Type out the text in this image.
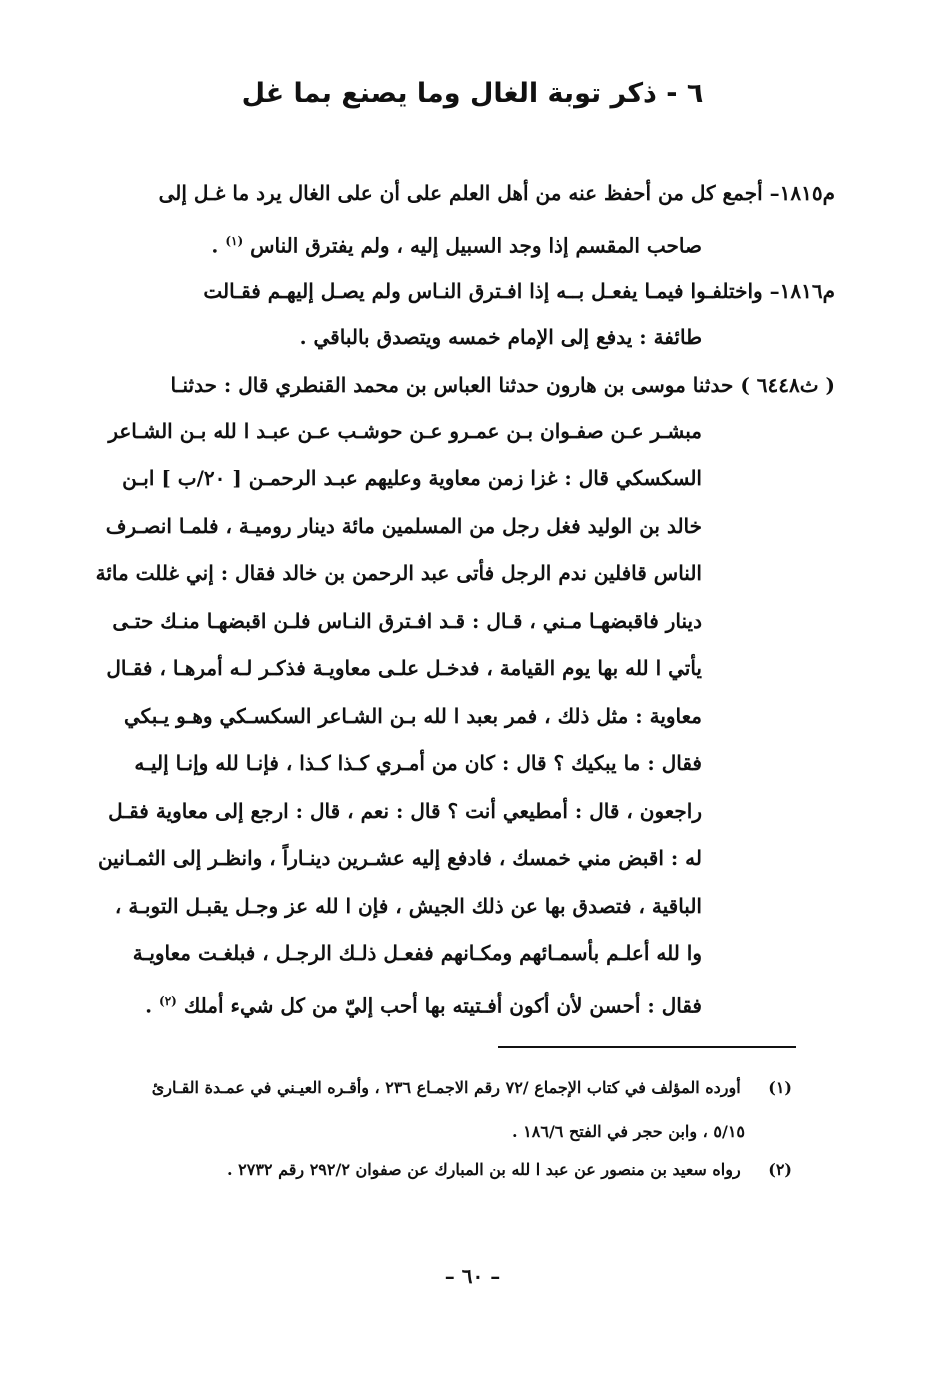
٦ - ذكر توبة الغال وما يصنع بما غل
م١٨١٥– أجمع كل من أحفظ عنه من أهل العلم على أن على الغال يرد ما غـل إلى
صاحب المقسم إذا وجد السبيل إليه ، ولم يفترق الناس $^{(١)}$ .
م١٨١٦– واختلفـوا فيمـا يفعـل بــه إذا افـترق النـاس ولم يصـل إليهـم فقـالت
طائفة : يدفع إلى الإمام خمسه ويتصدق بالباقي .
( ث٦٤٤٨ ) حدثنا موسى بن هارون حدثنا العباس بن محمد القنطري قال : حدثنـا
مبشـر عـن صفـوان بـن عمـرو عـن حوشـب عـن عبـد ا لله بـن الشـاعر
السكسكي قال : غزا زمن معاوية وعليهم عبـد الرحمـن [ ٢٠/ب ] ابـن
خالد بن الوليد فغل رجل من المسلمين مائة دينار روميـة ، فلمـا انصـرف
الناس قافلين ندم الرجل فأتى عبد الرحمن بن خالد فقال : إني غللت مائة
دينار فاقبضهـا مـني ، قـال : قـد افـترق النـاس فلـن اقبضهـا منـك حتـى
يأتي ا لله بها يوم القيامة ، فدخـل علـى معاويـة فذكـر لـه أمرهـا ، فقـال
معاوية : مثل ذلك ، فمر بعبد ا لله بـن الشـاعر السكسـكي وهـو يـبكي
فقال : ما يبكيك ؟ قال : كان من أمـري كـذا كـذا ، فإنـا لله وإنـا إليـه
راجعون ، قال : أمطيعي أنت ؟ قال : نعم ، قال : ارجع إلى معاوية فقـل
له : اقبض مني خمسك ، فادفع إليه عشـرين دينـاراً ، وانظـر إلى الثمـانين
الباقية ، فتصدق بها عن ذلك الجيش ، فإن ا لله عز وجـل يقبـل التوبـة ،
وا لله أعلـم بأسمـائهم ومكـانهم ففعـل ذلـك الرجـل ، فبلغـت معاويـة
فقال : أحسن لأن أكون أفـتيته بها أحب إليّ من كل شيء أملك $^{(٢)}$ .
(١) أورده المؤلف في كتاب الإجماع /٧٢ رقم الاجمـاع ٢٣٦ ، وأقـره العيـني في عمـدة القـارئ
٥/١٥ ، وابن حجر في الفتح ١٨٦/٦ .
(٢) رواه سعيد بن منصور عن عبد ا لله بن المبارك عن صفوان ٢٩٢/٢ رقم ٢٧٣٢ .
– ٦٠ –
